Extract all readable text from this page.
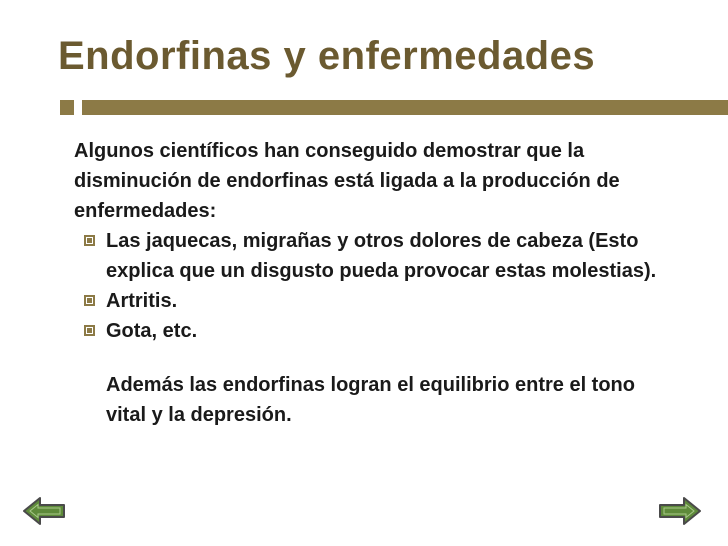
Endorfinas y enfermedades

Algunos científicos han conseguido demostrar que la disminución de endorfinas está ligada a la producción de enfermedades:

Las jaquecas, migrañas y otros dolores de cabeza (Esto explica que un disgusto pueda provocar estas molestias).
Artritis.
Gota, etc.

Además las endorfinas logran el equilibrio entre el tono vital y la depresión.
